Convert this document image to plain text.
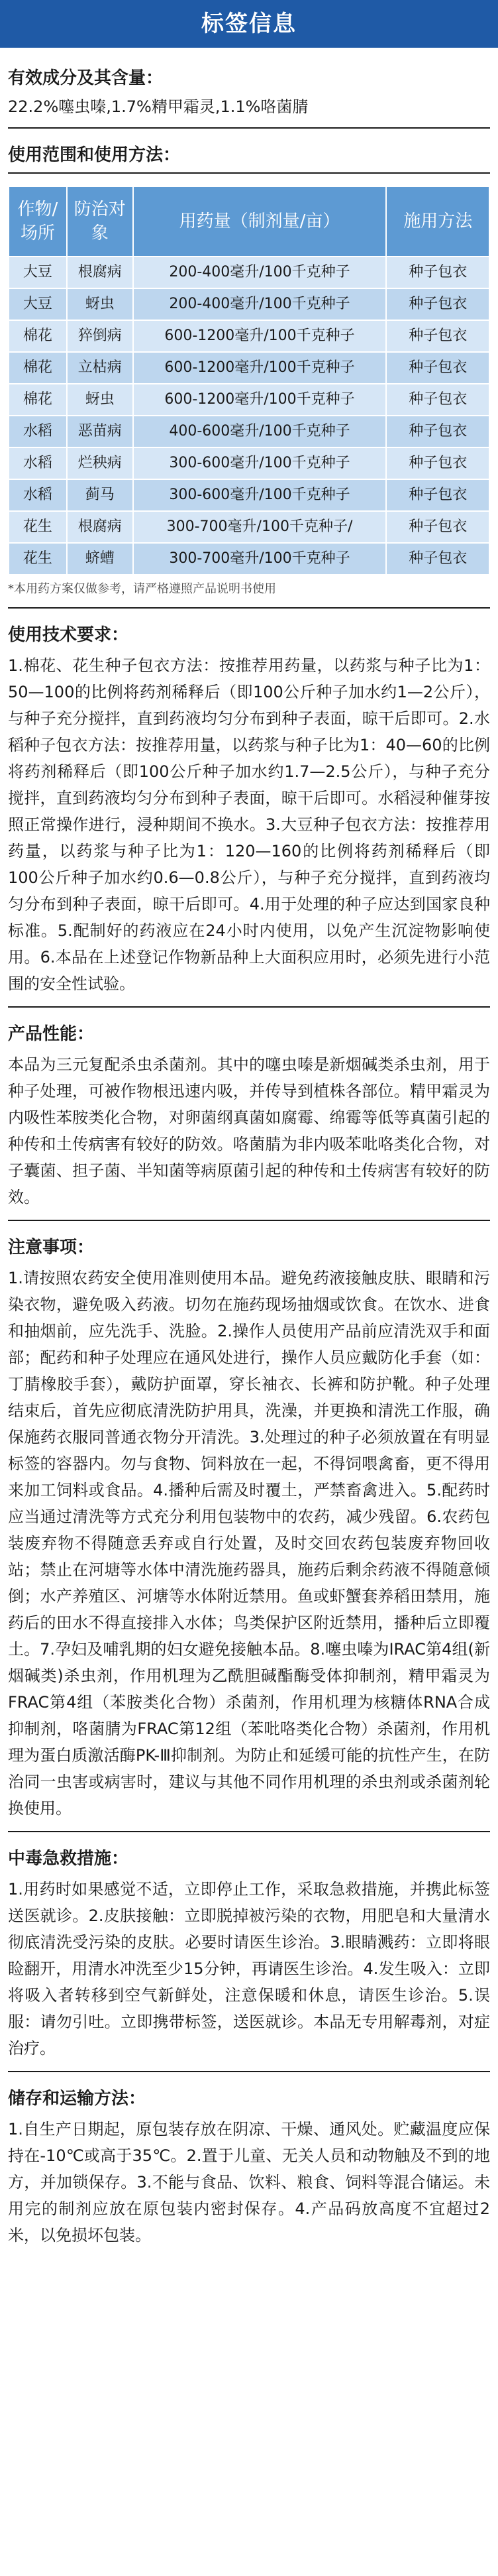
标签信息
有效成分及其含量：
22.2%噻虫嗪,1.7%精甲霜灵,1.1%咯菌腈
使用范围和使用方法：
作物/场所	防治对象	用药量（制剂量/亩）	施用方法
大豆	根腐病	200-400毫升/100千克种子	种子包衣
大豆	蚜虫	200-400毫升/100千克种子	种子包衣
棉花	猝倒病	600-1200毫升/100千克种子	种子包衣
棉花	立枯病	600-1200毫升/100千克种子	种子包衣
棉花	蚜虫	600-1200毫升/100千克种子	种子包衣
水稻	恶苗病	400-600毫升/100千克种子	种子包衣
水稻	烂秧病	300-600毫升/100千克种子	种子包衣
水稻	蓟马	300-600毫升/100千克种子	种子包衣
花生	根腐病	300-700毫升/100千克种子/	种子包衣
花生	蛴螬	300-700毫升/100千克种子	种子包衣
*本用药方案仅做参考，请严格遵照产品说明书使用
使用技术要求：

1.棉花、花生种子包衣方法：按推荐用药量，以药浆与种子比为1：50—100的比例将药剂稀释后（即100公斤种子加水约1—2公斤），与种子充分搅拌，直到药液均匀分布到种子表面，晾干后即可。2.水稻种子包衣方法：按推荐用量，以药浆与种子比为1：40—60的比例将药剂稀释后（即100公斤种子加水约1.7—2.5公斤），与种子充分搅拌，直到药液均匀分布到种子表面，晾干后即可。水稻浸种催芽按照正常操作进行，浸种期间不换水。3.大豆种子包衣方法：按推荐用药量，以药浆与种子比为1：120—160的比例将药剂稀释后（即100公斤种子加水约0.6—0.8公斤），与种子充分搅拌，直到药液均匀分布到种子表面，晾干后即可。4.用于处理的种子应达到国家良种标准。5.配制好的药液应在24小时内使用，以免产生沉淀物影响使用。6.本品在上述登记作物新品种上大面积应用时，必须先进行小范围的安全性试验。

产品性能：

本品为三元复配杀虫杀菌剂。其中的噻虫嗪是新烟碱类杀虫剂，用于种子处理，可被作物根迅速内吸，并传导到植株各部位。精甲霜灵为内吸性苯胺类化合物，对卵菌纲真菌如腐霉、绵霉等低等真菌引起的种传和土传病害有较好的防效。咯菌腈为非内吸苯吡咯类化合物，对子囊菌、担子菌、半知菌等病原菌引起的种传和土传病害有较好的防效。

注意事项：

1.请按照农药安全使用准则使用本品。避免药液接触皮肤、眼睛和污染衣物，避免吸入药液。切勿在施药现场抽烟或饮食。在饮水、进食和抽烟前，应先洗手、洗脸。2.操作人员使用产品前应清洗双手和面部；配药和种子处理应在通风处进行，操作人员应戴防化手套（如：丁腈橡胶手套），戴防护面罩，穿长袖衣、长裤和防护靴。种子处理结束后，首先应彻底清洗防护用具，洗澡，并更换和清洗工作服，确保施药衣服同普通衣物分开清洗。3.处理过的种子必须放置在有明显标签的容器内。勿与食物、饲料放在一起，不得饲喂禽畜，更不得用来加工饲料或食品。4.播种后需及时覆土，严禁畜禽进入。5.配药时应当通过清洗等方式充分利用包装物中的农药，减少残留。6.农药包装废弃物不得随意丢弃或自行处置，及时交回农药包装废弃物回收站；禁止在河塘等水体中清洗施药器具，施药后剩余药液不得随意倾倒；水产养殖区、河塘等水体附近禁用。鱼或虾蟹套养稻田禁用，施药后的田水不得直接排入水体；鸟类保护区附近禁用，播种后立即覆土。7.孕妇及哺乳期的妇女避免接触本品。8.噻虫嗪为IRAC第4组(新烟碱类)杀虫剂，作用机理为乙酰胆碱酯酶受体抑制剂，精甲霜灵为FRAC第4组（苯胺类化合物）杀菌剂，作用机理为核糖体RNA合成抑制剂，咯菌腈为FRAC第12组（苯吡咯类化合物）杀菌剂，作用机理为蛋白质激活酶PK-Ⅲ抑制剂。为防止和延缓可能的抗性产生，在防治同一虫害或病害时，建议与其他不同作用机理的杀虫剂或杀菌剂轮换使用。

中毒急救措施：

1.用药时如果感觉不适，立即停止工作，采取急救措施，并携此标签送医就诊。2.皮肤接触：立即脱掉被污染的衣物，用肥皂和大量清水彻底清洗受污染的皮肤。必要时请医生诊治。3.眼睛溅药：立即将眼睑翻开，用清水冲洗至少15分钟，再请医生诊治。4.发生吸入：立即将吸入者转移到空气新鲜处，注意保暖和休息，请医生诊治。5.误服：请勿引吐。立即携带标签，送医就诊。本品无专用解毒剂，对症治疗。

储存和运输方法：

1.自生产日期起，原包装存放在阴凉、干燥、通风处。贮藏温度应保持在-10℃或高于35℃。2.置于儿童、无关人员和动物触及不到的地方，并加锁保存。3.不能与食品、饮料、粮食、饲料等混合储运。未用完的制剂应放在原包装内密封保存。4.产品码放高度不宜超过2米，以免损坏包装。
